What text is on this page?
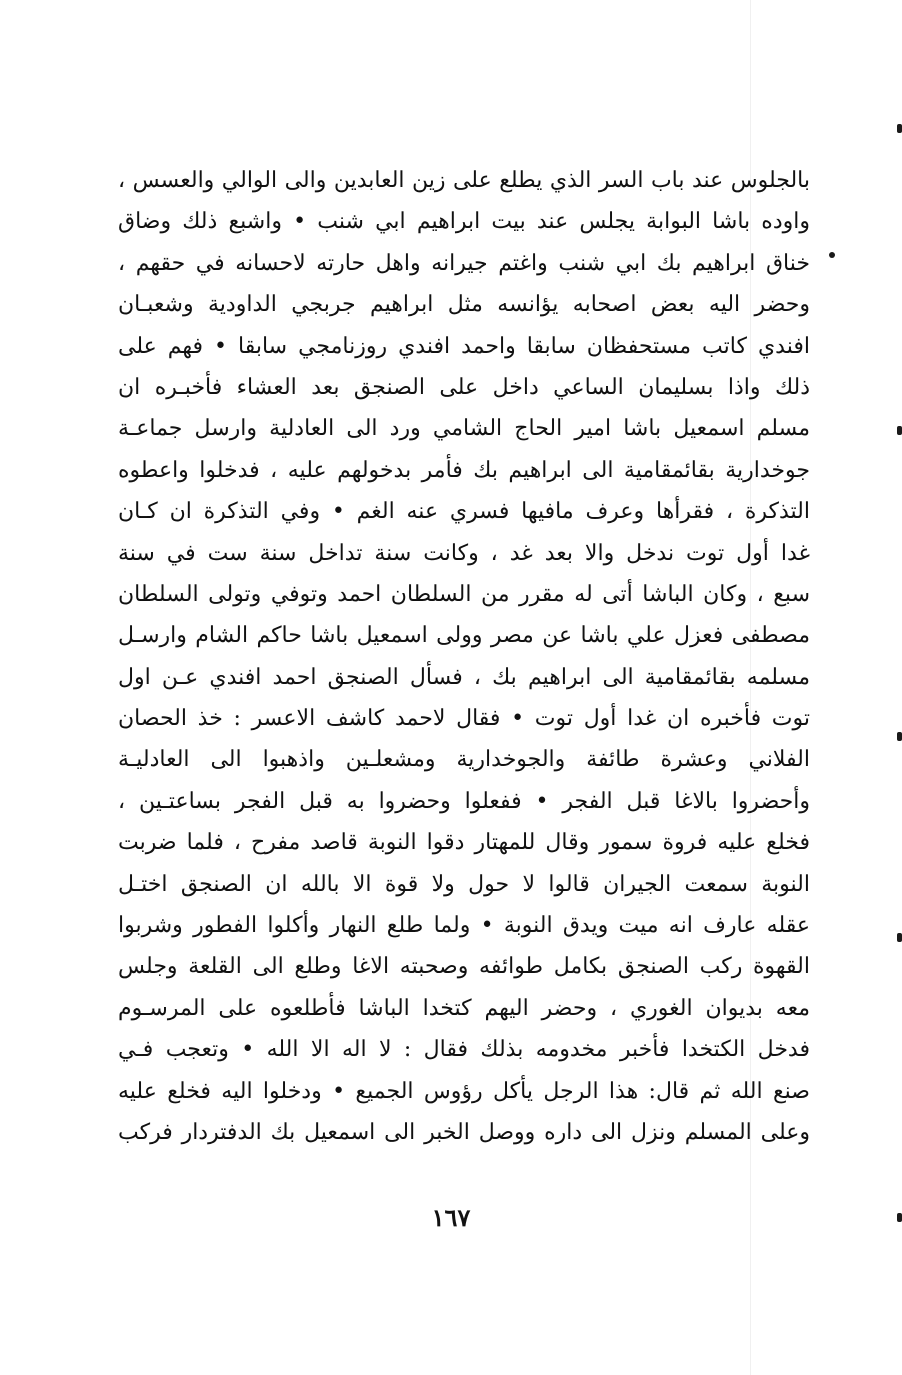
بالجلوس عند باب السر الذي يطلع على زين العابدين والى الوالي والعسس ،
واوده باشا البوابة يجلس عند بيت ابراهيم ابي شنب • واشبع ذلك وضاق
خناق ابراهيم بك ابي شنب واغتم جيرانه واهل حارته لاحسانه في حقهم ،
وحضر اليه بعض اصحابه يؤانسه مثل ابراهيم جربجي الداودية وشعبـان
افندي كاتب مستحفظان سابقا واحمد افندي روزنامجي سابقا • فهم على
ذلك واذا بسليمان الساعي داخل على الصنجق بعد العشاء فأخبـره ان
مسلم اسمعيل باشا امير الحاج الشامي ورد الى العادلية وارسل جماعـة
جوخدارية بقائمقامية الى ابراهيم بك فأمر بدخولهم عليه ، فدخلوا واعطوه
التذكرة ، فقرأها وعرف مافيها فسري عنه الغم • وفي التذكرة ان كـان
غدا أول توت ندخل والا بعد غد ، وكانت سنة تداخل سنة ست في سنة
سبع ، وكان الباشا أتى له مقرر من السلطان احمد وتوفي وتولى السلطان
مصطفى فعزل علي باشا عن مصر وولى اسمعيل باشا حاكم الشام وارسـل
مسلمه بقائمقامية الى ابراهيم بك ، فسأل الصنجق احمد افندي عـن اول
توت فأخبره ان غدا أول توت • فقال لاحمد كاشف الاعسر : خذ الحصان
الفلاني وعشرة طائفة والجوخدارية ومشعلـين واذهبوا الى العادليـة
وأحضروا بالاغا قبل الفجر • ففعلوا وحضروا به قبل الفجر بساعتـين ،
فخلع عليه فروة سمور وقال للمهتار دقوا النوبة قاصد مفرح ، فلما ضربت
النوبة سمعت الجيران قالوا لا حول ولا قوة الا بالله ان الصنجق اختـل
عقله عارف انه ميت ويدق النوبة • ولما طلع النهار وأكلوا الفطور وشربوا
القهوة ركب الصنجق بكامل طوائفه وصحبته الاغا وطلع الى القلعة وجلس
معه بديوان الغوري ، وحضر اليهم كتخدا الباشا فأطلعوه على المرسـوم
فدخل الكتخدا فأخبر مخدومه بذلك فقال : لا اله الا الله • وتعجب فـي
صنع الله ثم قال: هذا الرجل يأكل رؤوس الجميع • ودخلوا اليه فخلع عليه
وعلى المسلم ونزل الى داره ووصل الخبر الى اسمعيل بك الدفتردار فركب
١٦٧
